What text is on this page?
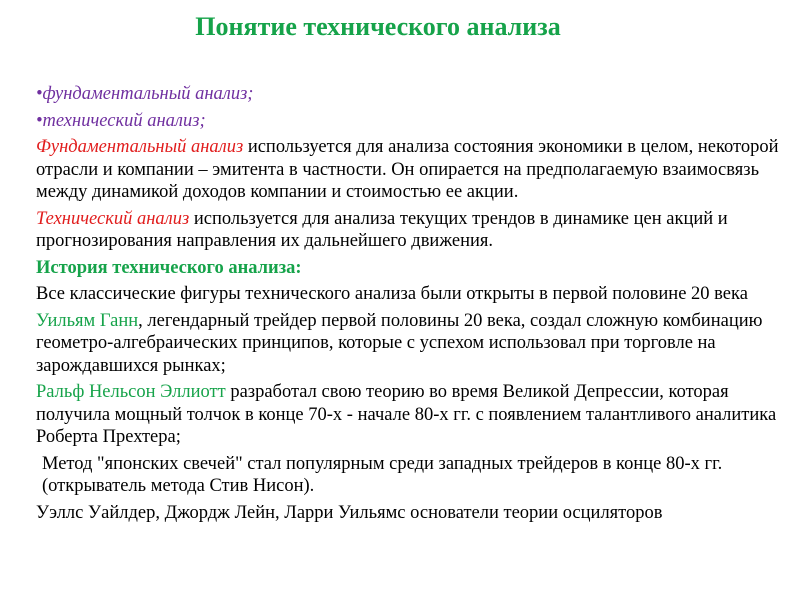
Понятие технического анализа

•фундаментальный анализ;

•технический анализ;

Фундаментальный анализ используется для анализа состояния экономики в целом, некоторой отрасли и компании – эмитента в частности. Он опирается на предполагаемую взаимосвязь между динамикой доходов компании и стоимостью ее акции.

Технический анализ используется для анализа текущих трендов в динамике цен акций и прогнозирования направления их дальнейшего движения.

История технического анализа:

Все классические фигуры технического анализа были открыты в первой половине 20 века

Уильям Ганн, легендарный трейдер первой половины 20 века, создал сложную комбинацию геометро-алгебраических принципов, которые с успехом использовал при торговле на зарождавшихся рынках;

Ральф Нельсон Эллиотт разработал свою теорию во время Великой Депрессии, которая получила мощный толчок в конце 70-х - начале 80-х гг. с появлением талантливого аналитика Роберта Прехтера;

Метод "японских свечей" стал популярным среди западных трейдеров в конце 80-х гг. (открыватель метода Стив Нисон).

Уэллс Уайлдер, Джордж Лейн, Ларри Уильямс основатели теории осциляторов
